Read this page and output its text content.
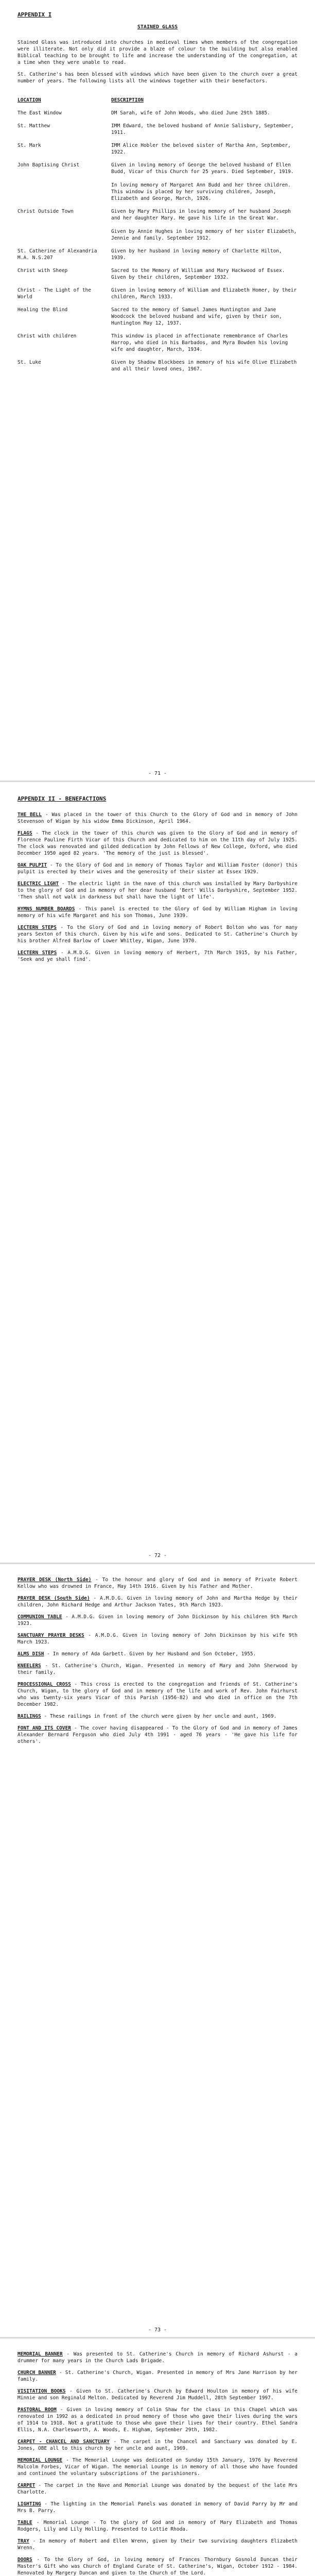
APPENDIX I
STAINED GLASS

Stained Glass was introduced into churches in medieval times when members of the congregation were illiterate. Not only did it provide a blaze of colour to the building but also enabled Biblical teaching to be brought to life and increase the understanding of the congregation, at a time when they were unable to read.

St. Catherine's has been blessed with windows which have been given to the church over a great number of years. The following lists all the windows together with their benefactors.

LOCATION	DESCRIPTION
The East Window	DM Sarah, wife of John Woods, who died June 29th 1885.
St. Matthew	IMM Edward, the beloved husband of Annie Salisbury, September, 1911.
St. Mark	IMM Alice Hobler the beloved sister of Martha Ann, September, 1922.
John Baptising Christ	Given in loving memory of George the beloved husband of Ellen Budd, Vicar of this Church for 25 years. Died September, 1919.

In loving memory of Margaret Ann Budd and her three children. This window is placed by her surviving children, Joseph, Elizabeth and George, March, 1926.
Christ Outside Town	Given by Mary Phillips in loving memory of her husband Joseph and her daughter Mary. He gave his life in the Great War.

Given by Annie Hughes in loving memory of her sister Elizabeth, Jennie and family. September 1912.
St. Catherine of Alexandria M.A. N.S.207	Given by her husband in loving memory of Charlotte Hilton, 1939.
Christ with Sheep	Sacred to the Memory of William and Mary Hackwood of Essex. Given by their children, September 1932.
Christ - The Light of the World	Given in loving memory of William and Elizabeth Homer, by their children, March 1933.
Healing the Blind	Sacred to the memory of Samuel James Huntington and Jane Woodcock the beloved husband and wife, given by their son, Huntington May 12, 1937.
Christ with children	This window is placed in affectionate remembrance of Charles Harrop, who died in his Barbados, and Myra Bowden his loving wife and daughter, March, 1934.
St. Luke	Given by Shadow Blockbees in memory of his wife Olive Elizabeth and all their loved ones, 1967.
- 71 -
APPENDIX II - BENEFACTIONS

THE BELL - Was placed in the tower of this Church to the Glory of God and in memory of John Stevenson of Wigan by his widow Emma Dickinson, April 1964.

FLAGS - The clock in the tower of this church was given to the Glory of God and in memory of Florence Pauline Firth Vicar of this Church and dedicated to him on the 11th day of July 1925. The clock was renovated and gilded dedication by John Fellows of New College, Oxford, who died December 1950 aged 82 years. 'The memory of the just is blessed'.

OAK PULPIT - To the Glory of God and in memory of Thomas Taylor and William Foster (donor) this pulpit is erected by their wives and the generosity of their sister at Essex 1929.

ELECTRIC LIGHT - The electric light in the nave of this church was installed by Mary Darbyshire to the glory of God and in memory of her dear husband 'Bert' Wills Darbyshire, September 1952. 'Then shall not walk in darkness but shall have the light of life'.

HYMNS NUMBER BOARDS - This panel is erected to the Glory of God by William Higham in loving memory of his wife Margaret and his son Thomas, June 1939.

LECTERN STEPS - To the Glory of God and in loving memory of Robert Bolton who was for many years Sexton of this church. Given by his wife and sons. Dedicated to St. Catherine's Church by his brother Alfred Barlow of Lower Whitley, Wigan, June 1970.

LECTERN STEPS - A.M.D.G. Given in loving memory of Herbert, 7th March 1915, by his Father, 'Seek and ye shall find'.

- 72 -

PRAYER DESK (North Side) - To the honour and glory of God and in memory of Private Robert Kellow who was drowned in France, May 14th 1916. Given by his Father and Mother.

PRAYER DESK (South Side) - A.M.D.G. Given in loving memory of John and Martha Hedge by their children, John Richard Hedge and Arthur Jackson Yates, 9th March 1923.

COMMUNION TABLE - A.M.D.G. Given in loving memory of John Dickinson by his children 9th March 1923.

SANCTUARY PRAYER DESKS - A.M.D.G. Given in loving memory of John Dickinson by his wife 9th March 1923.

ALMS DISH - In memory of Ada Garbett. Given by her Husband and Son October, 1955.

KNEELERS - St. Catherine's Church, Wigan. Presented in memory of Mary and John Sherwood by their family.

PROCESSIONAL CROSS - This cross is erected to the congregation and friends of St. Catherine's Church, Wigan, to the glory of God and in memory of the life and work of Rev. John Fairhurst who was twenty-six years Vicar of this Parish (1956-82) and who died in office on the 7th December 1982.

RAILINGS - These railings in front of the church were given by her uncle and aunt, 1969.

FONT AND ITS COVER - The cover having disappeared - To the Glory of God and in memory of James Alexander Bernard Ferguson who died July 4th 1991 - aged 76 years - 'He gave his life for others'.

- 73 -

MEMORIAL BANNER - Was presented to St. Catherine's Church in memory of Richard Ashurst - a drummer for many years in the Church Lads Brigade.

CHURCH BANNER - St. Catherine's Church, Wigan. Presented in memory of Mrs Jane Harrison by her family.

VISITATION BOOKS - Given to St. Catherine's Church by Edward Houlton in memory of his wife Minnie and son Reginald Melton. Dedicated by Reverend Jim Muddell, 28th September 1997.

PASTORAL ROOM - Given in loving memory of Colin Shaw for the class in this Chapel which was renovated in 1992 as a dedicated in proud memory of those who gave their lives during the wars of 1914 to 1918. Not a gratitude to those who gave their lives for their country. Ethel Sandra Ellis, N.A. Charlesworth, A. Woods, E. Higham, September 29th, 1982.

CARPET - CHANCEL AND SANCTUARY - The carpet in the Chancel and Sanctuary was donated by E. Jones, OBE all to this church by her uncle and aunt, 1969.

MEMORIAL LOUNGE - The Memorial Lounge was dedicated on Sunday 15th January, 1976 by Reverend Malcolm Forbes, Vicar of Wigan. The memorial Lounge is in memory of all those who have founded and continued the voluntary subscriptions of the parishioners.

CARPET - The carpet in the Nave and Memorial Lounge was donated by the bequest of the late Mrs Charlotte.

LIGHTING - The lighting in the Memorial Panels was donated in memory of David Parry by Mr and Mrs B. Parry.

TABLE - Memorial Lounge - To the glory of God and in memory of Mary Elizabeth and Thomas Rodgers, Lily and Lily Holling. Presented to Lottie Rhoda.

TRAY - In memory of Robert and Ellen Wrenn, given by their two surviving daughters Elizabeth Wrenn.

DOORS - To the Glory of God, in loving memory of Frances Thornbury Gosnold Duncan their Master's Gift who was Church of England Curate of St. Catherine's, Wigan, October 1912 - 1984. Renovated by Margery Duncan and given to the Church of the Lord.
